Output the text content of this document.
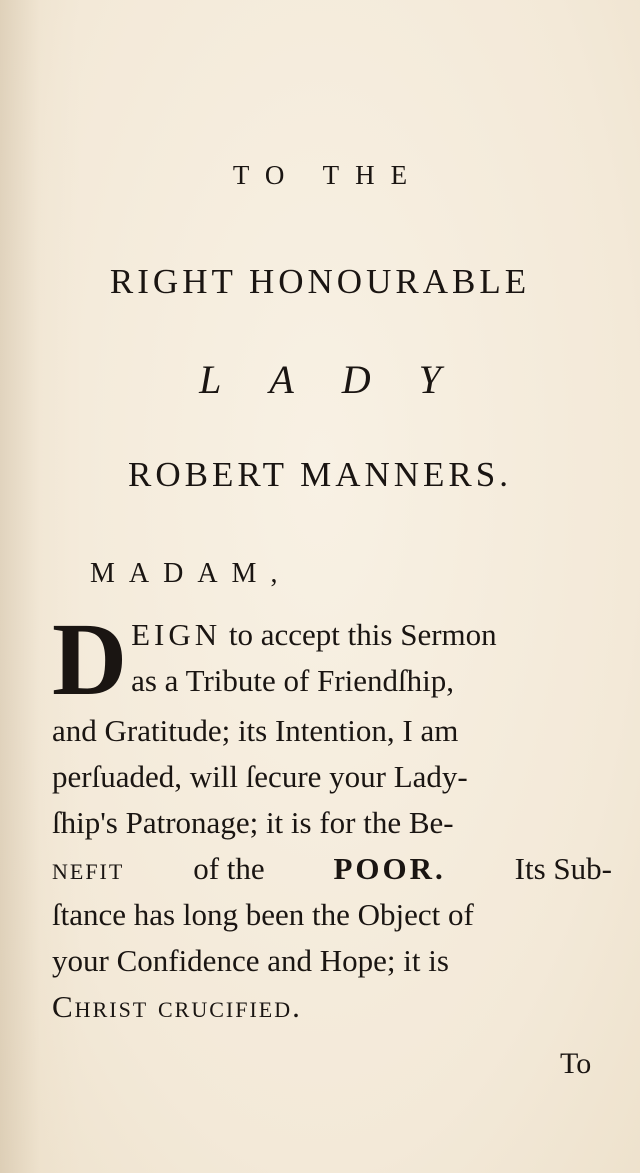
TO THE
RIGHT HONOURABLE
LADY
ROBERT MANNERS.
MADAM,
D EIGN to accept this Sermon
as a Tribute of Friendſhip,
and Gratitude; its Intention, I am
perſuaded, will ſecure your Lady-
ſhip's Patronage; it is for the Be-
nefit of the POOR. Its Sub-
ſtance has long been the Object of
your Confidence and Hope; it is
Christ crucified.
To
